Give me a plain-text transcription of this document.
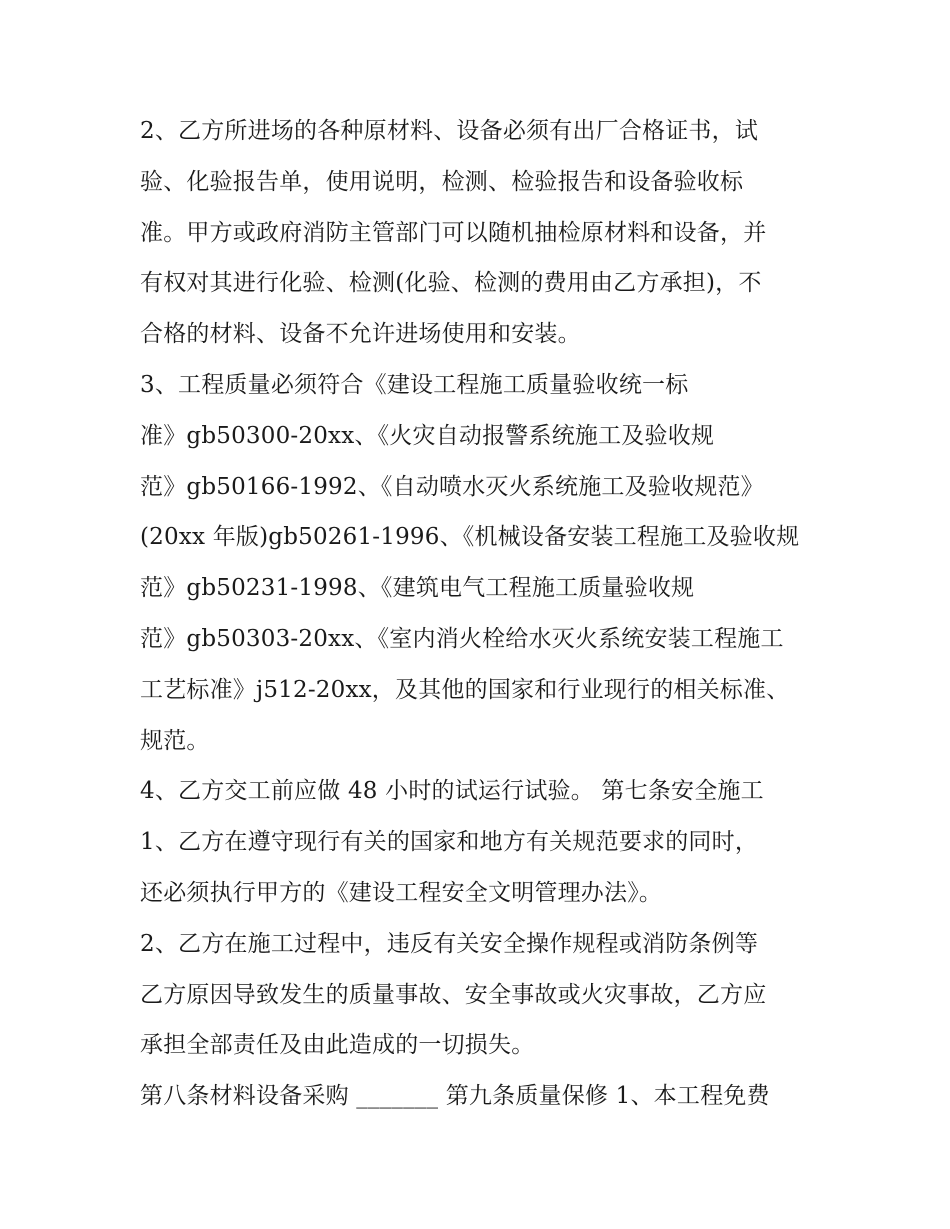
2、乙方所进场的各种原材料、设备必须有出厂合格证书，试
验、化验报告单，使用说明，检测、检验报告和设备验收标
准。甲方或政府消防主管部门可以随机抽检原材料和设备，并
有权对其进行化验、检测(化验、检测的费用由乙方承担)，不
合格的材料、设备不允许进场使用和安装。
3、工程质量必须符合《建设工程施工质量验收统一标
准》gb50300-20xx、《火灾自动报警系统施工及验收规
范》gb50166-1992、《自动喷水灭火系统施工及验收规范》
(20xx 年版)gb50261-1996、《机械设备安装工程施工及验收规
范》gb50231-1998、《建筑电气工程施工质量验收规
范》gb50303-20xx、《室内消火栓给水灭火系统安装工程施工
工艺标准》j512-20xx，及其他的国家和行业现行的相关标准、
规范。
4、乙方交工前应做 48 小时的试运行试验。 第七条安全施工
1、乙方在遵守现行有关的国家和地方有关规范要求的同时，
还必须执行甲方的《建设工程安全文明管理办法》。
2、乙方在施工过程中，违反有关安全操作规程或消防条例等
乙方原因导致发生的质量事故、安全事故或火灾事故，乙方应
承担全部责任及由此造成的一切损失。
第八条材料设备采购 _______ 第九条质量保修 1、本工程免费
